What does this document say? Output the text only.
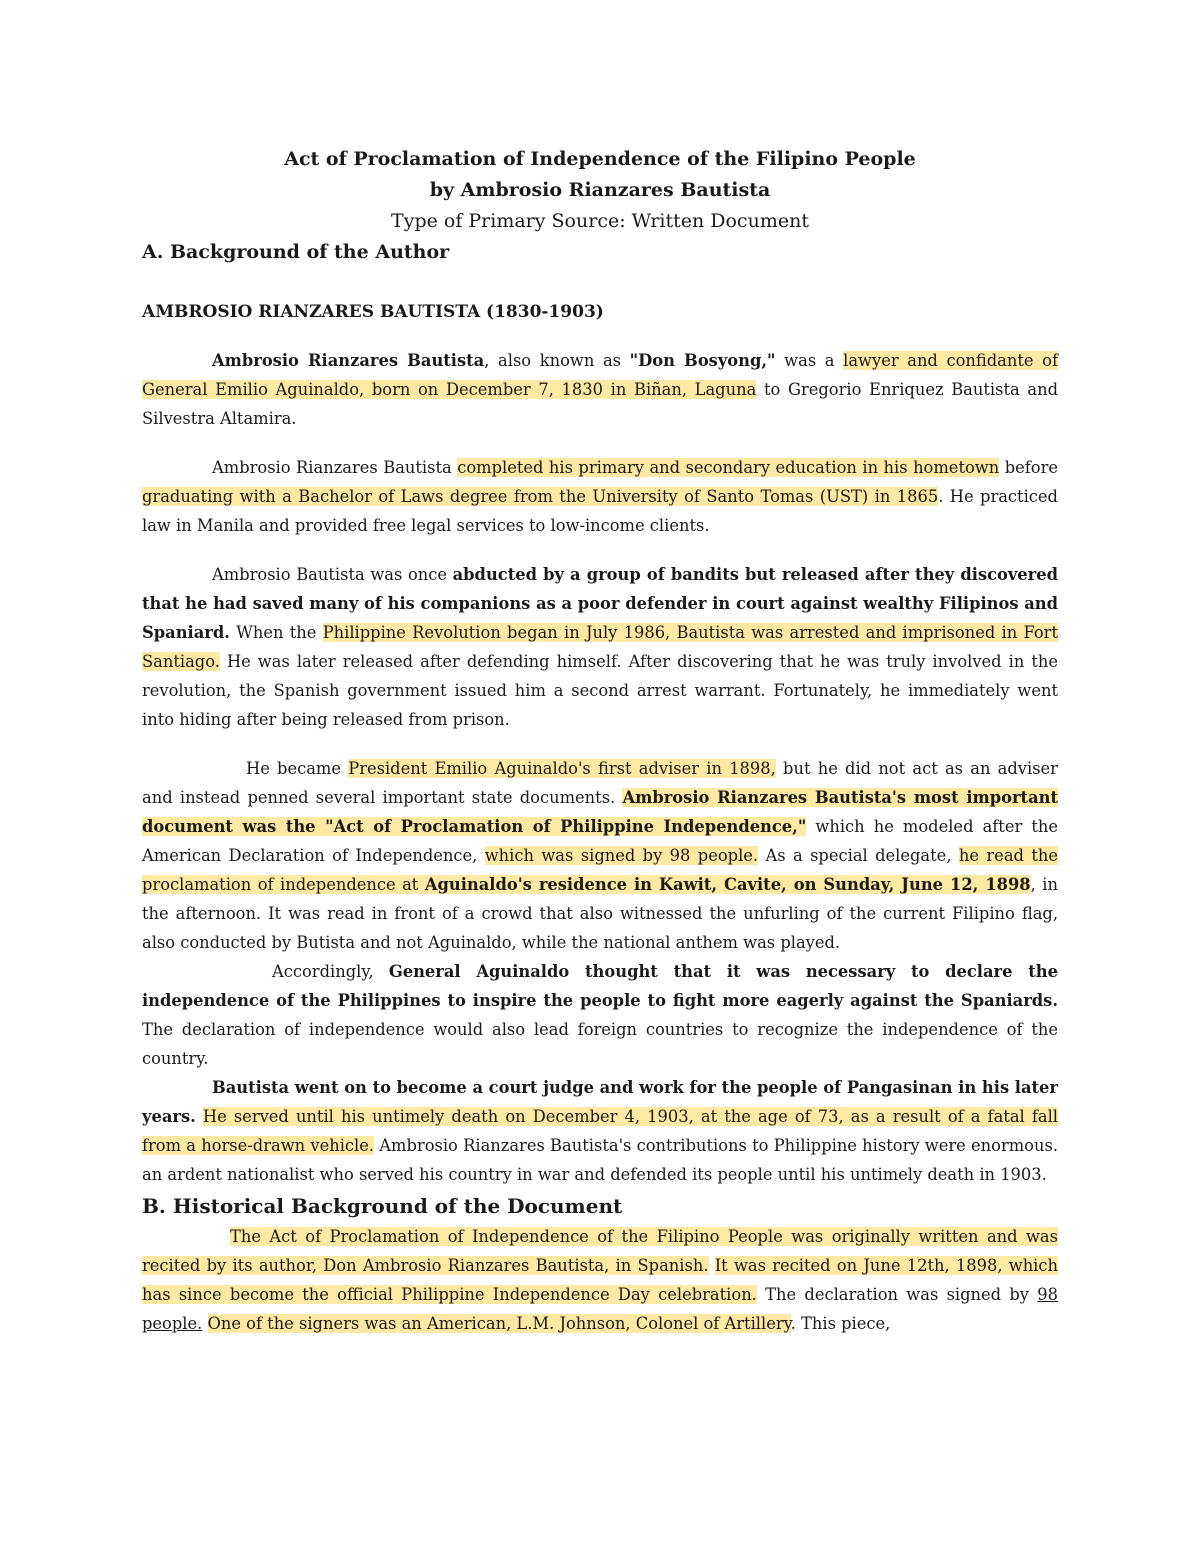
Act of Proclamation of Independence of the Filipino People
by Ambrosio Rianzares Bautista
Type of Primary Source: Written Document
A. Background of the Author
AMBROSIO RIANZARES BAUTISTA (1830-1903)

Ambrosio Rianzares Bautista, also known as "Don Bosyong," was a lawyer and confidante of General Emilio Aguinaldo, born on December 7, 1830 in Biñan, Laguna to Gregorio Enriquez Bautista and Silvestra Altamira.

Ambrosio Rianzares Bautista completed his primary and secondary education in his hometown before graduating with a Bachelor of Laws degree from the University of Santo Tomas (UST) in 1865. He practiced law in Manila and provided free legal services to low-income clients.

Ambrosio Bautista was once abducted by a group of bandits but released after they discovered that he had saved many of his companions as a poor defender in court against wealthy Filipinos and Spaniard. When the Philippine Revolution began in July 1986, Bautista was arrested and imprisoned in Fort Santiago. He was later released after defending himself. After discovering that he was truly involved in the revolution, the Spanish government issued him a second arrest warrant. Fortunately, he immediately went into hiding after being released from prison.

He became President Emilio Aguinaldo's first adviser in 1898, but he did not act as an adviser and instead penned several important state documents. Ambrosio Rianzares Bautista's most important document was the "Act of Proclamation of Philippine Independence," which he modeled after the American Declaration of Independence, which was signed by 98 people. As a special delegate, he read the proclamation of independence at Aguinaldo's residence in Kawit, Cavite, on Sunday, June 12, 1898, in the afternoon. It was read in front of a crowd that also witnessed the unfurling of the current Filipino flag, also conducted by Butista and not Aguinaldo, while the national anthem was played.

Accordingly, General Aguinaldo thought that it was necessary to declare the independence of the Philippines to inspire the people to fight more eagerly against the Spaniards. The declaration of independence would also lead foreign countries to recognize the independence of the country.

Bautista went on to become a court judge and work for the people of Pangasinan in his later years. He served until his untimely death on December 4, 1903, at the age of 73, as a result of a fatal fall from a horse-drawn vehicle. Ambrosio Rianzares Bautista's contributions to Philippine history were enormous. an ardent nationalist who served his country in war and defended its people until his untimely death in 1903.

B. Historical Background of the Document

The Act of Proclamation of Independence of the Filipino People was originally written and was recited by its author, Don Ambrosio Rianzares Bautista, in Spanish. It was recited on June 12th, 1898, which has since become the official Philippine Independence Day celebration. The declaration was signed by 98 people. One of the signers was an American, L.M. Johnson, Colonel of Artillery. This piece,
